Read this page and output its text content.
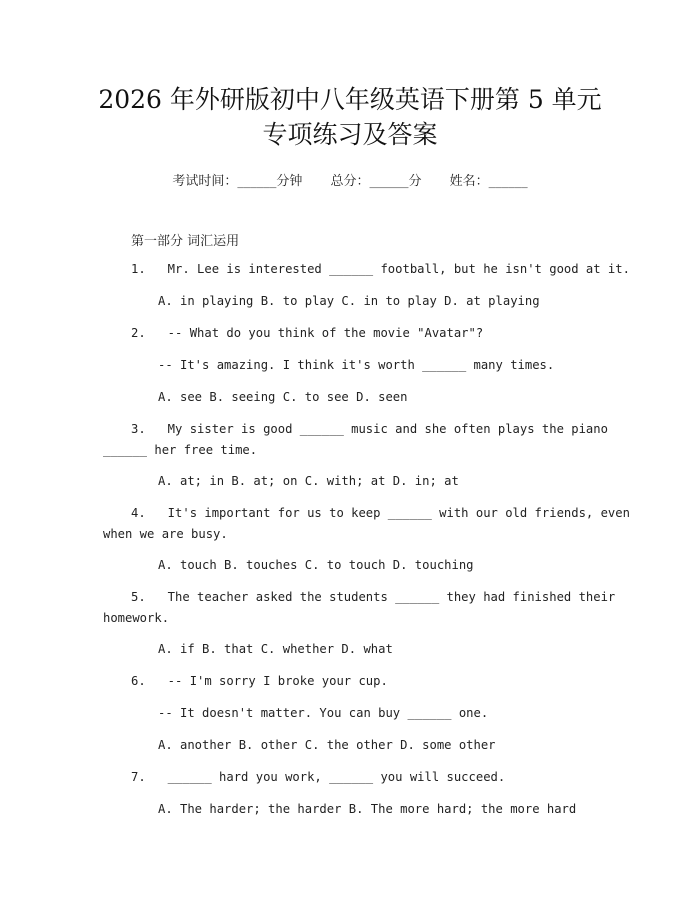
2026 年外研版初中八年级英语下册第 5 单元
专项练习及答案
考试时间：______分钟 总分：______分 姓名：______
第一部分 词汇运用
1.   Mr. Lee is interested ______ football, but he isn't good at it.
A. in playing B. to play C. in to play D. at playing
2.   -- What do you think of the movie "Avatar"?
-- It's amazing. I think it's worth ______ many times.
A. see B. seeing C. to see D. seen
3.   My sister is good ______ music and she often plays the piano
______ her free time.
A. at; in B. at; on C. with; at D. in; at
4.   It's important for us to keep ______ with our old friends, even
when we are busy.
A. touch B. touches C. to touch D. touching
5.   The teacher asked the students ______ they had finished their
homework.
A. if B. that C. whether D. what
6.   -- I'm sorry I broke your cup.
-- It doesn't matter. You can buy ______ one.
A. another B. other C. the other D. some other
7.   ______ hard you work, ______ you will succeed.
A. The harder; the harder B. The more hard; the more hard
